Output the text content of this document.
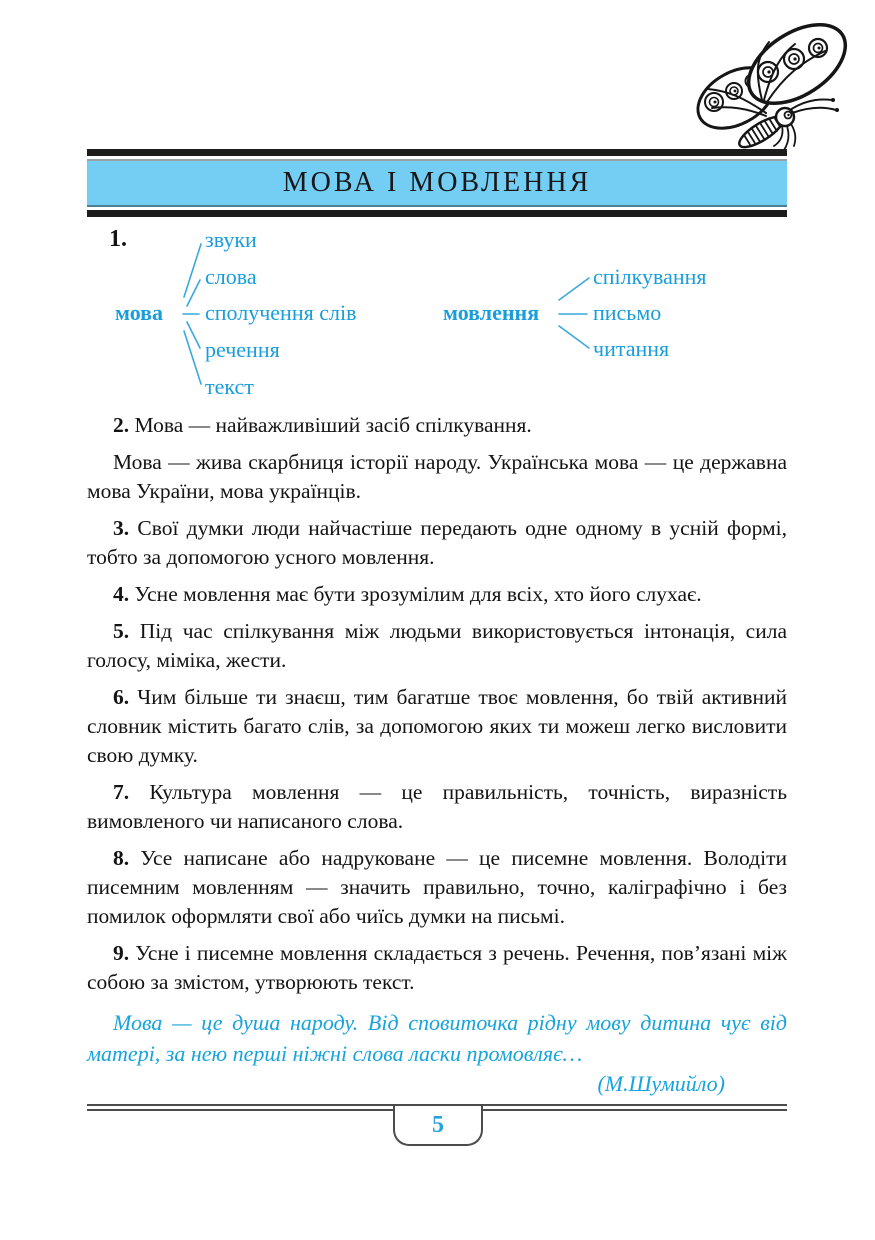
МОВА І МОВЛЕННЯ
1.
мова
звуки
слова
сполучення слів
речення
текст
мовлення
спілкування
письмо
читання

2. Мова — найважливіший засіб спілкування.

Мова — жива скарбниця історії народу. Українська мова — це державна мова України, мова українців.

3. Свої думки люди найчастіше передають одне одному в усній формі, тобто за допомогою усного мовлення.

4. Усне мовлення має бути зрозумілим для всіх, хто його слухає.

5. Під час спілкування між людьми використовується інтонація, сила голосу, міміка, жести.

6. Чим більше ти знаєш, тим багатше твоє мовлення, бо твій активний словник містить багато слів, за допомогою яких ти можеш легко висловити свою думку.

7. Культура мовлення — це правильність, точність, виразність вимовленого чи написаного слова.

8. Усе написане або надруковане — це писемне мовлення. Володіти писемним мовленням — значить правильно, точно, каліграфічно і без помилок оформляти свої або чиїсь думки на письмі.

9. Усне і писемне мовлення складається з речень. Речення, пов’язані між собою за змістом, утворюють текст.

Мова — це душа народу. Від сповиточка рідну мову дитина чує від матері, за нею перші ніжні слова ласки промовляє…
(М.Шумийло)
5
